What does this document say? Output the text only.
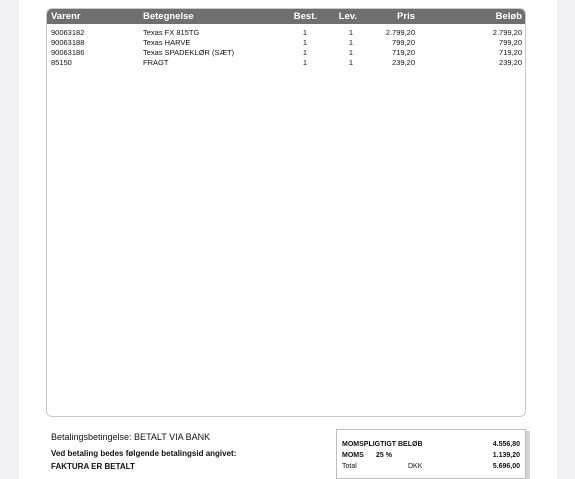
Varenr	Betegnelse	Best. Lev.	Pris	Beløb
90063182	Texas FX 815TG	1	1	2.799,20	2.799,20
90063188	Texas HARVE	1	1	799,20	799,20
90063186	Texas SPADEKLØR (SÆT)	1	1	719,20	719,20
85150	FRAGT	1	1	239,20	239,20
Betalingsbetingelse: BETALT VIA BANK
Ved betaling bedes følgende betalingsid angivet:
FAKTURA ER BETALT
MOMSPLIGTIGT BELØB	4.556,80
MOMS 25 %	1.139,20
Total	DKK	5.696,00
